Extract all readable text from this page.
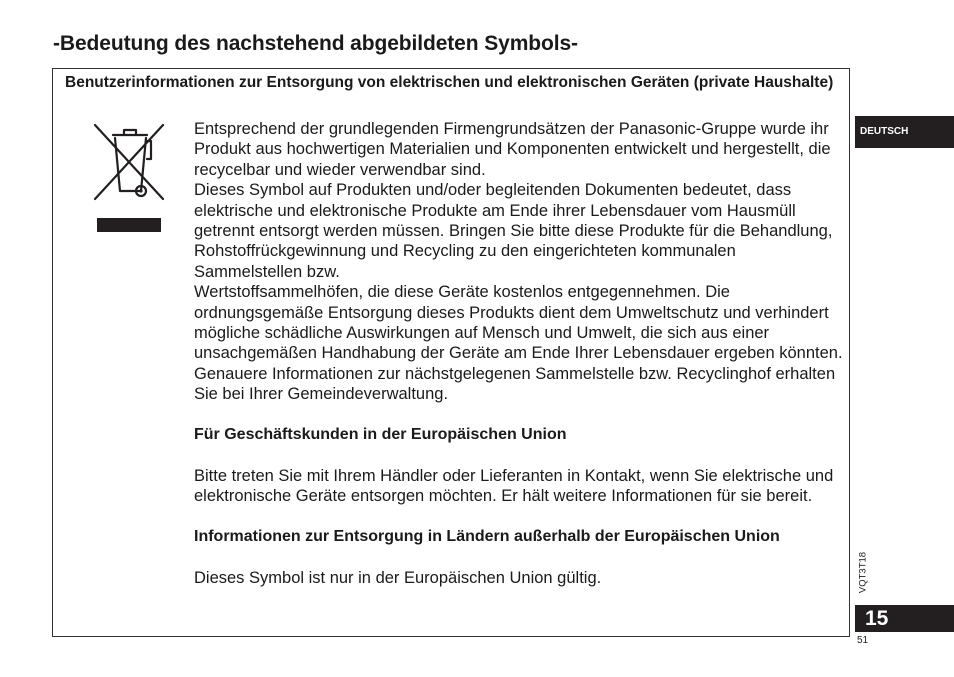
-Bedeutung des nachstehend abgebildeten Symbols-
Benutzerinformationen zur Entsorgung von elektrischen und elektronischen Geräten (private Haushalte)

Entsprechend der grundlegenden Firmengrundsätzen der Panasonic-Gruppe wurde ihr Produkt aus hochwertigen Materialien und Komponenten entwickelt und hergestellt, die recycelbar und wieder verwendbar sind.

Dieses Symbol auf Produkten und/oder begleitenden Dokumenten bedeutet, dass elektrische und elektronische Produkte am Ende ihrer Lebensdauer vom Hausmüll getrennt entsorgt werden müssen. Bringen Sie bitte diese Produkte für die Behandlung, Rohstoffrückgewinnung und Recycling zu den eingerichteten kommunalen Sammelstellen bzw.

Wertstoffsammelhöfen, die diese Geräte kostenlos entgegennehmen. Die ordnungsgemäße Entsorgung dieses Produkts dient dem Umweltschutz und verhindert mögliche schädliche Auswirkungen auf Mensch und Umwelt, die sich aus einer unsachgemäßen Handhabung der Geräte am Ende Ihrer Lebensdauer ergeben könnten.

Genauere Informationen zur nächstgelegenen Sammelstelle bzw. Recyclinghof erhalten Sie bei Ihrer Gemeindeverwaltung.

Für Geschäftskunden in der Europäischen Union

Bitte treten Sie mit Ihrem Händler oder Lieferanten in Kontakt, wenn Sie elektrische und elektronische Geräte entsorgen möchten. Er hält weitere Informationen für sie bereit.

Informationen zur Entsorgung in Ländern außerhalb der Europäischen Union

Dieses Symbol ist nur in der Europäischen Union gültig.

DEUTSCH
VQT3T18
15
51
